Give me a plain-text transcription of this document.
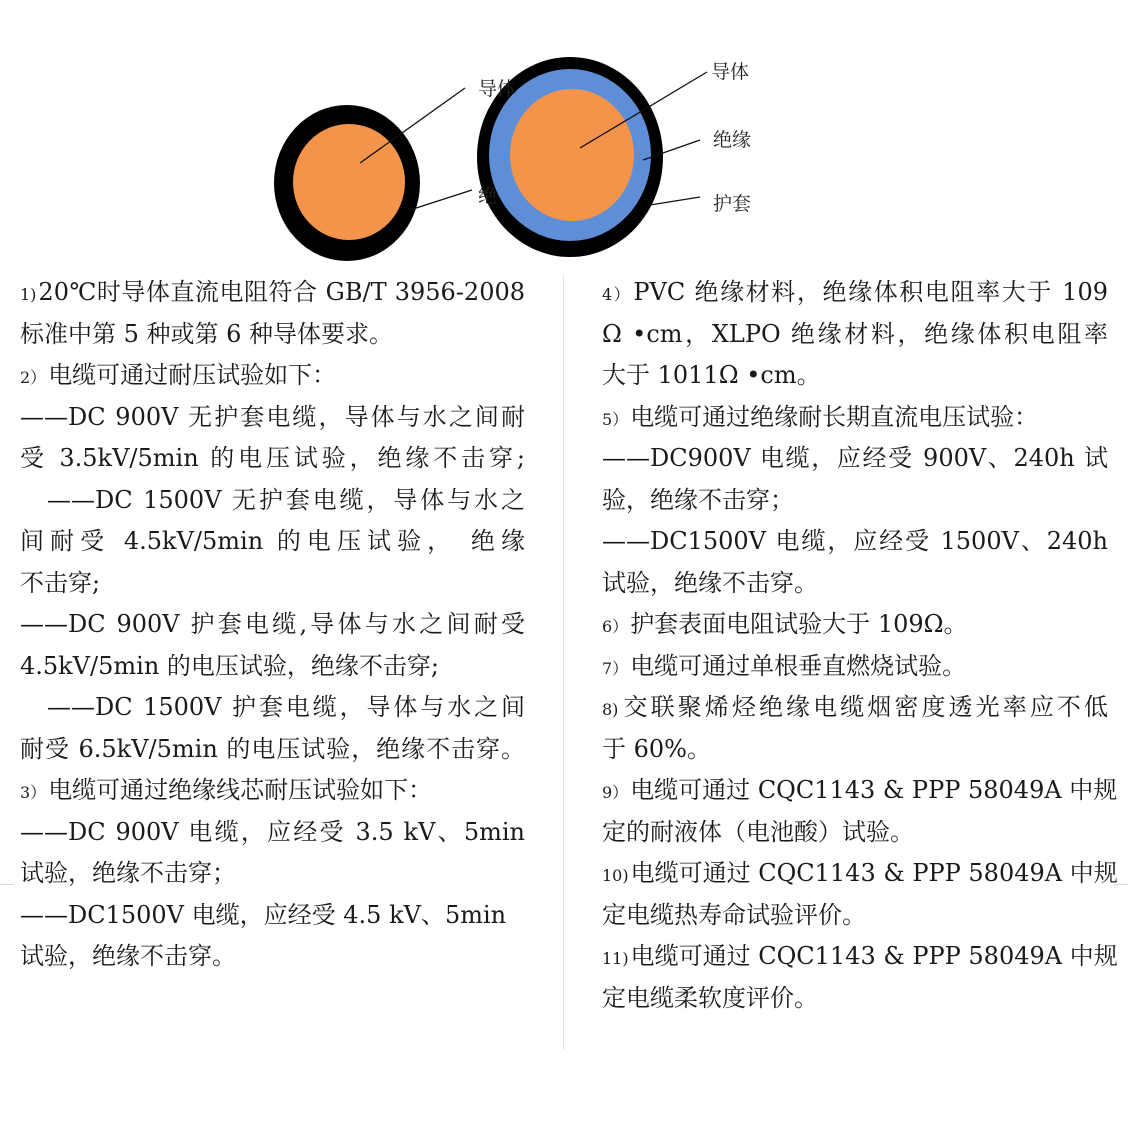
导体
绝
导体
绝缘
护套
1)20℃时导体直流电阻符合 GB/T 3956-2008
标准中第 5 种或第 6 种导体要求。
2）电缆可通过耐压试验如下：
——DC 900V 无护套电缆，导体与水之间耐
受 3.5kV/5min 的电压试验，绝缘不击穿;
——DC 1500V 无护套电缆，导体与水之
间耐受 4.5kV/5min 的电压试验， 绝缘
不击穿;
——DC 900V 护套电缆,导体与水之间耐受
4.5kV/5min 的电压试验，绝缘不击穿;
——DC 1500V 护套电缆，导体与水之间
耐受 6.5kV/5min 的电压试验，绝缘不击穿。
3）电缆可通过绝缘线芯耐压试验如下：
——DC 900V 电缆，应经受 3.5 kV、5min
试验，绝缘不击穿；
——DC1500V 电缆，应经受 4.5 kV、5min
试验，绝缘不击穿。
4）PVC 绝缘材料，绝缘体积电阻率大于 109
Ω •cm，XLPO 绝缘材料，绝缘体积电阻率
大于 1011Ω •cm。
5）电缆可通过绝缘耐长期直流电压试验：
——DC900V 电缆，应经受 900V、240h 试
验，绝缘不击穿；
——DC1500V 电缆，应经受 1500V、240h
试验，绝缘不击穿。
6）护套表面电阻试验大于 109Ω。
7）电缆可通过单根垂直燃烧试验。
8)交联聚烯烃绝缘电缆烟密度透光率应不低
于 60%。
9）电缆可通过 CQC1143 & PPP 58049A 中规
定的耐液体（电池酸）试验。
10)电缆可通过 CQC1143 & PPP 58049A 中规
定电缆热寿命试验评价。
11)电缆可通过 CQC1143 & PPP 58049A 中规
定电缆柔软度评价。
